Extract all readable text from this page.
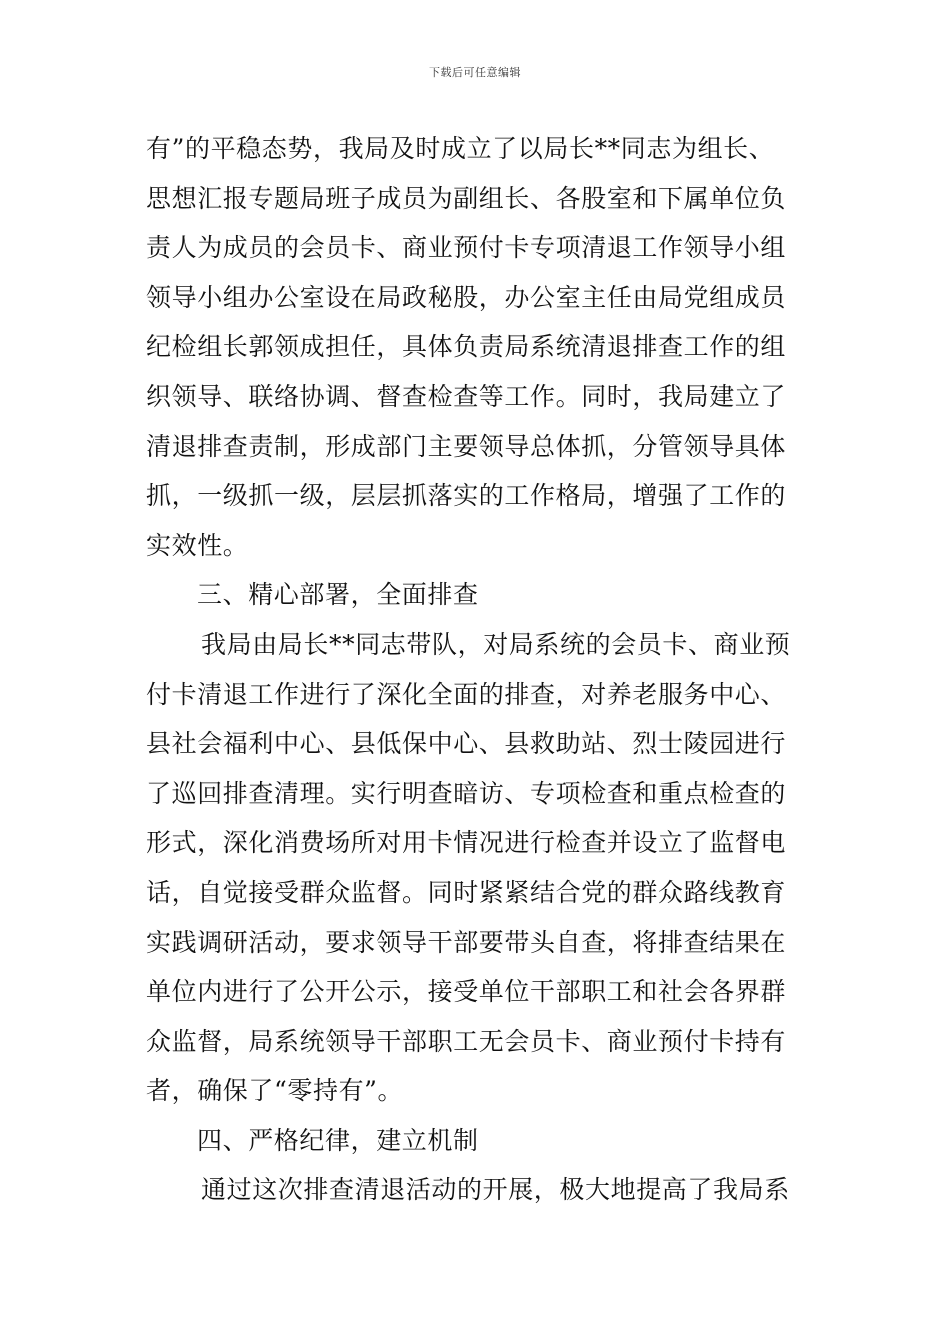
下载后可任意编辑
有”的平稳态势，我局及时成立了以局长**同志为组长、
思想汇报专题局班子成员为副组长、各股室和下属单位负
责人为成员的会员卡、商业预付卡专项清退工作领导小组
领导小组办公室设在局政秘股，办公室主任由局党组成员
纪检组长郭领成担任，具体负责局系统清退排查工作的组
织领导、联络协调、督查检查等工作。同时，我局建立了
清退排查责制，形成部门主要领导总体抓，分管领导具体
抓，一级抓一级，层层抓落实的工作格局，增强了工作的
实效性。
三、精心部署，全面排查
我局由局长**同志带队，对局系统的会员卡、商业预
付卡清退工作进行了深化全面的排查，对养老服务中心、
县社会福利中心、县低保中心、县救助站、烈士陵园进行
了巡回排查清理。实行明查暗访、专项检查和重点检查的
形式，深化消费场所对用卡情况进行检查并设立了监督电
话，自觉接受群众监督。同时紧紧结合党的群众路线教育
实践调研活动，要求领导干部要带头自查，将排查结果在
单位内进行了公开公示，接受单位干部职工和社会各界群
众监督，局系统领导干部职工无会员卡、商业预付卡持有
者，确保了“零持有”。
四、严格纪律，建立机制
通过这次排查清退活动的开展，极大地提高了我局系
